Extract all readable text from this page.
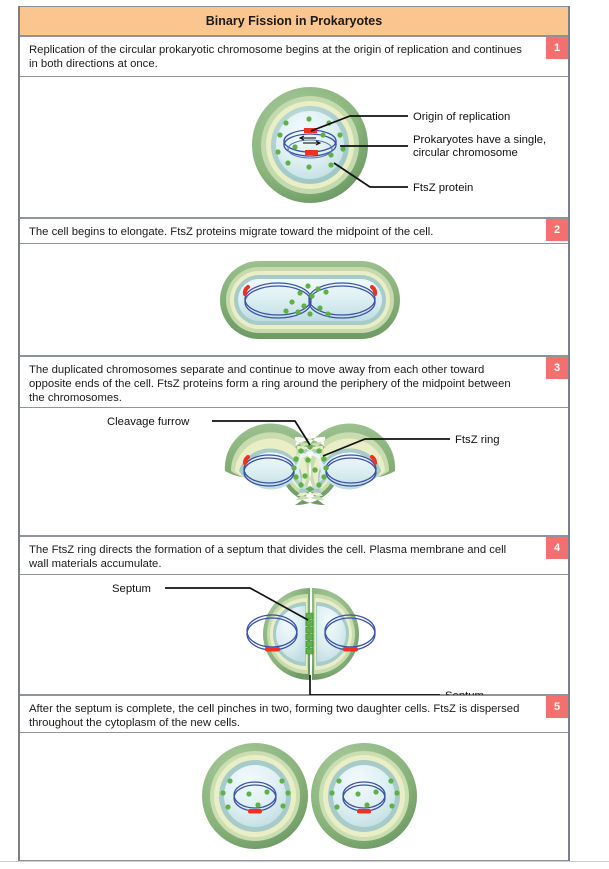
Binary Fission in Prokaryotes
Replication of the circular prokaryotic chromosome begins at the origin of replication and continues in both directions at once.
1
Origin of replication
Prokaryotes have a single,
circular chromosome
FtsZ protein
The cell begins to elongate. FtsZ proteins migrate toward the midpoint of the cell.	2
The duplicated chromosomes separate and continue to move away from each other toward opposite ends of the cell. FtsZ proteins form a ring around the periphery of the midpoint between the chromosomes.
3
Cleavage furrow
FtsZ ring
The FtsZ ring directs the formation of a septum that divides the cell. Plasma membrane and cell wall materials accumulate.
4
Septum
After the septum is complete, the cell pinches in two, forming two daughter cells. FtsZ is dispersed throughout the cytoplasm of the new cells.
5
